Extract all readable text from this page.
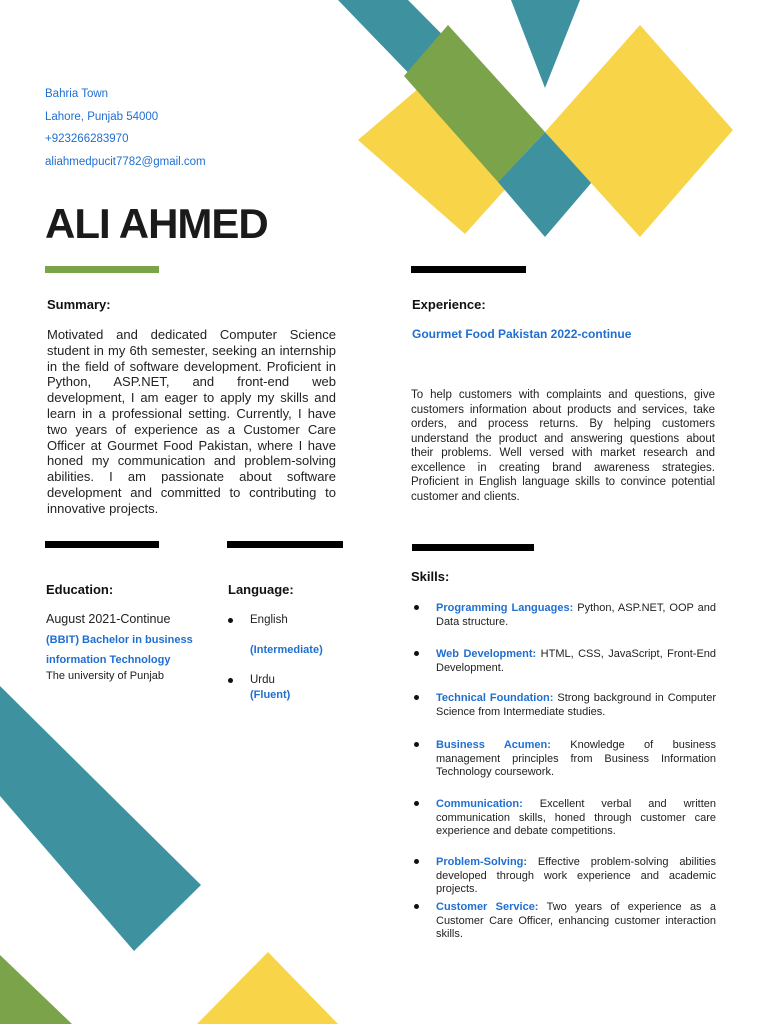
Bahria Town
Lahore, Punjab 54000
+923266283970
aliahmedpucit7782@gmail.com
ALI AHMED
Summary:

Motivated and dedicated Computer Science student in my 6th semester, seeking an internship in the field of software development. Proficient in Python, ASP.NET, and front-end web development, I am eager to apply my skills and learn in a professional setting. Currently, I have two years of experience as a Customer Care Officer at Gourmet Food Pakistan, where I have honed my communication and problem-solving abilities. I am passionate about software development and committed to contributing to innovative projects.

Experience:
Gourmet Food Pakistan 2022-continue

To help customers with complaints and questions, give customers information about products and services, take orders, and process returns. By helping customers understand the product and answering questions about their problems. Well versed with market research and excellence in creating brand awareness strategies. Proficient in English language skills to convince potential customer and clients.

Education:
August 2021-Continue
(BBIT) Bachelor in business information Technology
The university of Punjab
Language:
English
(Intermediate)
Urdu
(Fluent)
Skills:
Programming Languages: Python, ASP.NET, OOP and Data structure.
Web Development: HTML, CSS, JavaScript, Front-End Development.
Technical Foundation: Strong background in Computer Science from Intermediate studies.
Business Acumen: Knowledge of business management principles from Business Information Technology coursework.
Communication: Excellent verbal and written communication skills, honed through customer care experience and debate competitions.
Problem-Solving: Effective problem-solving abilities developed through work experience and academic projects.
Customer Service: Two years of experience as a Customer Care Officer, enhancing customer interaction skills.
